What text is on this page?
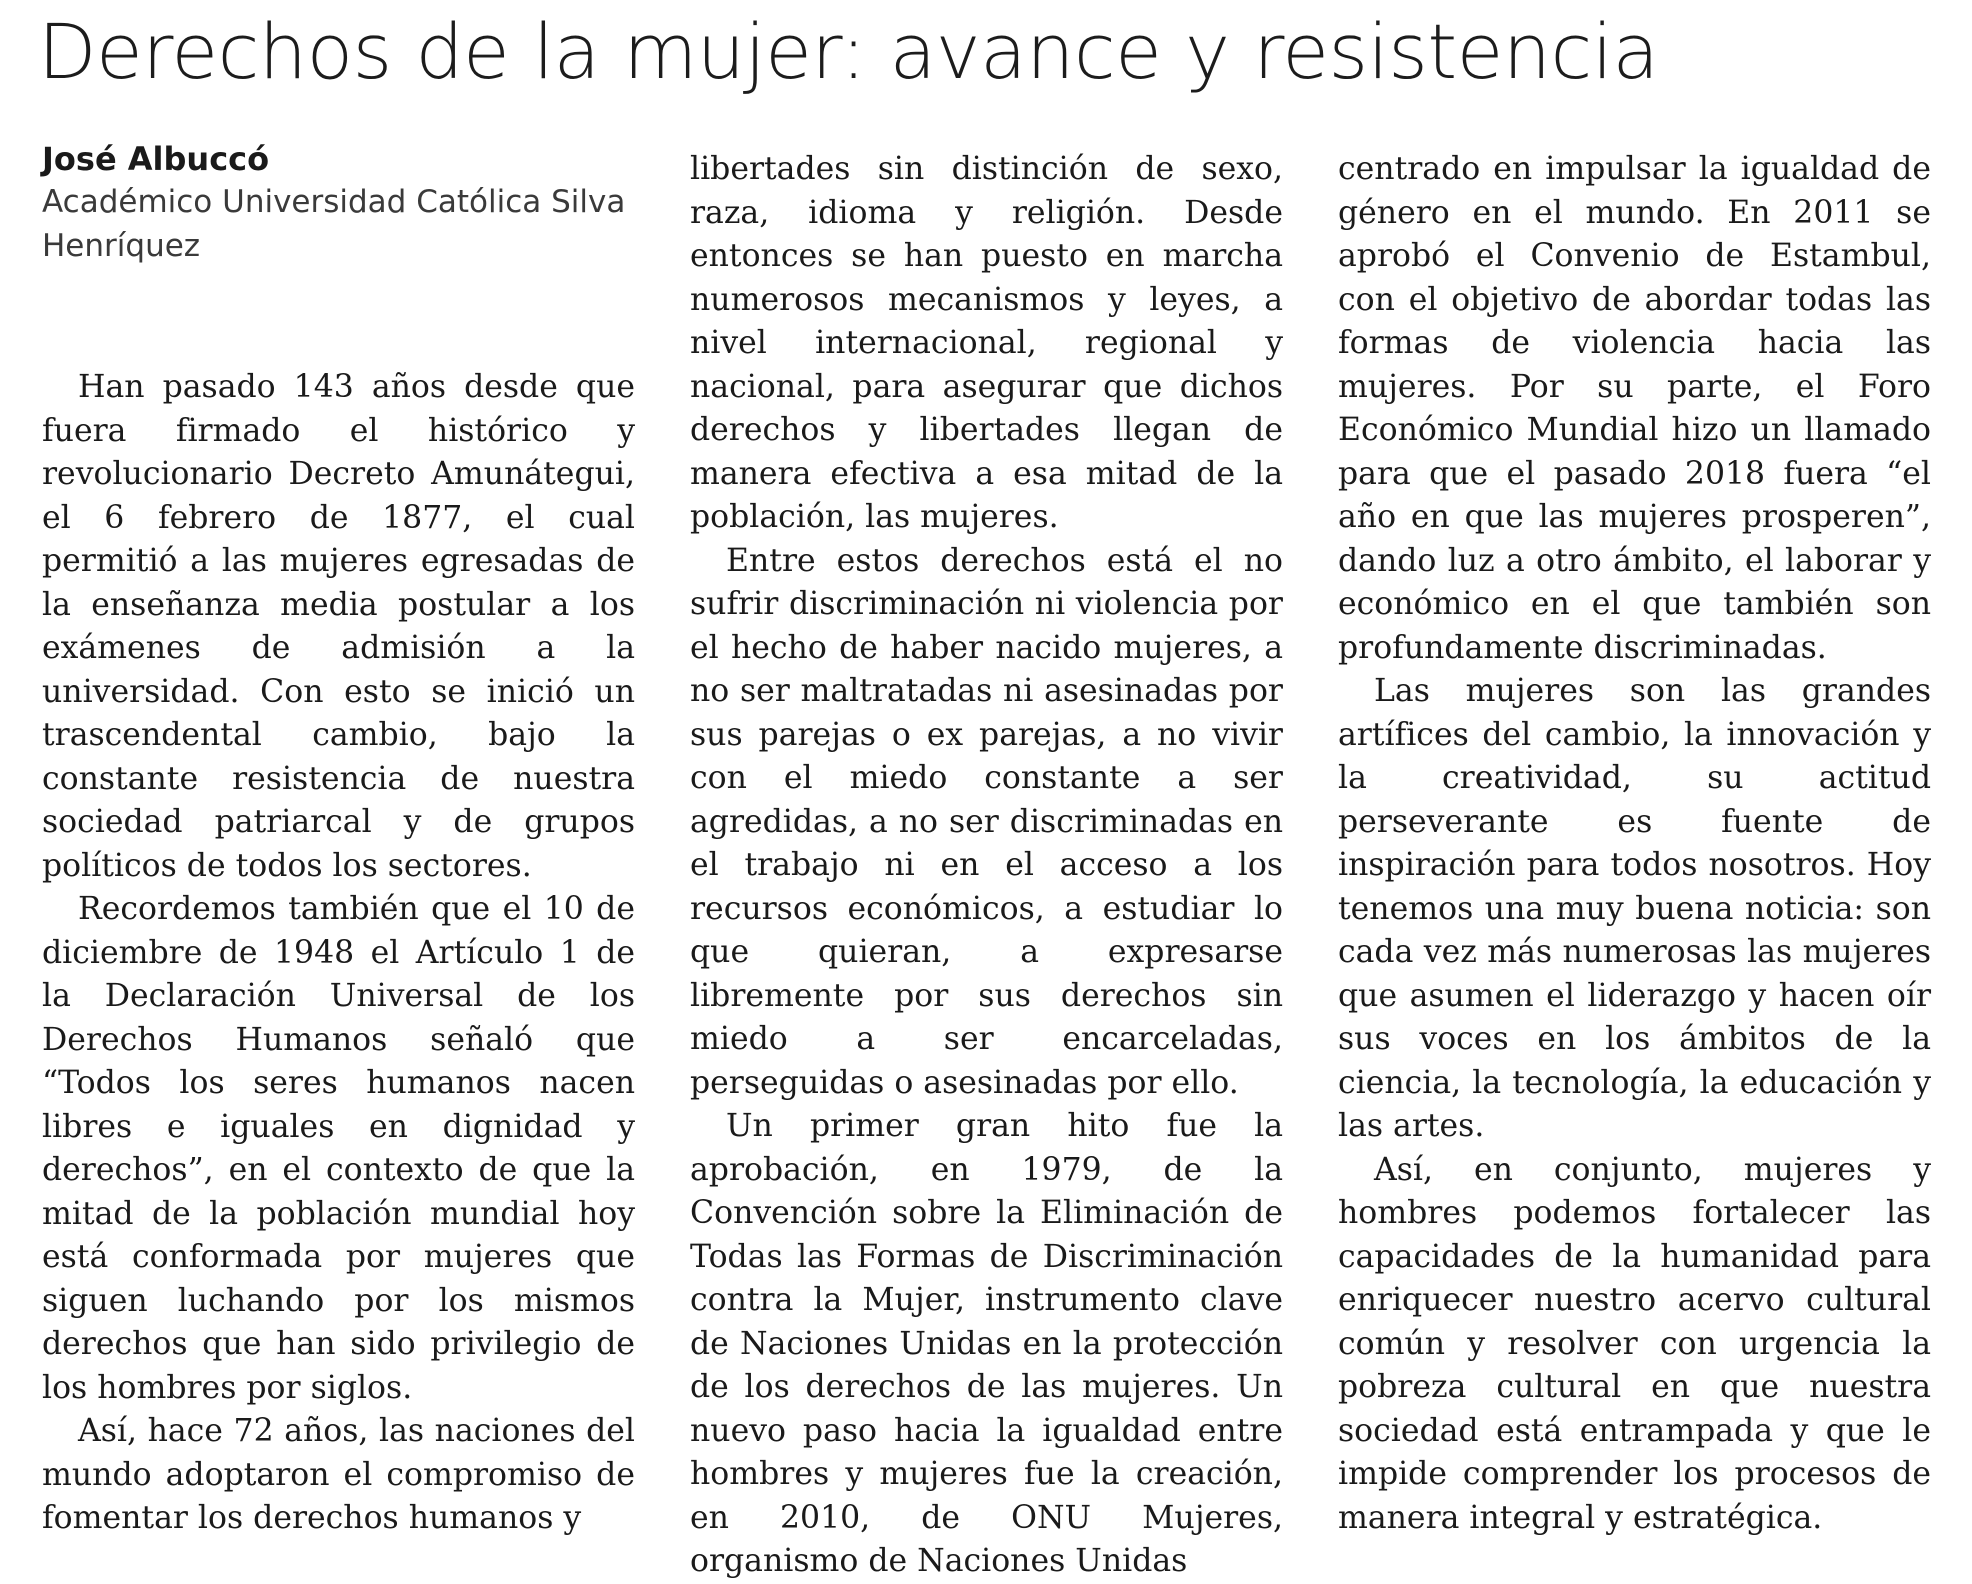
Derechos de la mujer: avance y resistencia
José Albuccó
Académico Universidad Católica Silva Henríquez

Han pasado 143 años desde que fuera firmado el histórico y revolucionario Decreto Amunátegui, el 6 febrero de 1877, el cual permitió a las mujeres egresadas de la enseñanza media postular a los exámenes de admisión a la universidad. Con esto se inició un trascendental cambio, bajo la constante resistencia de nuestra sociedad patriarcal y de grupos políticos de todos los sectores.

Recordemos también que el 10 de diciembre de 1948 el Artículo 1 de la Declaración Universal de los Derechos Humanos señaló que “Todos los seres humanos nacen libres e iguales en dignidad y derechos”, en el contexto de que la mitad de la población mundial hoy está conformada por mujeres que siguen luchando por los mismos derechos que han sido privilegio de los hombres por siglos.

Así, hace 72 años, las naciones del mundo adoptaron el compromiso de fomentar los derechos humanos y

libertades sin distinción de sexo, raza, idioma y religión. Desde entonces se han puesto en marcha numerosos mecanismos y leyes, a nivel internacional, regional y nacional, para asegurar que dichos derechos y libertades llegan de manera efectiva a esa mitad de la población, las mujeres.

Entre estos derechos está el no sufrir discriminación ni violencia por el hecho de haber nacido mujeres, a no ser maltratadas ni asesinadas por sus parejas o ex parejas, a no vivir con el miedo constante a ser agredidas, a no ser discriminadas en el trabajo ni en el acceso a los recursos económicos, a estudiar lo que quieran, a expresarse libremente por sus derechos sin miedo a ser encarceladas, perseguidas o asesinadas por ello.

Un primer gran hito fue la aprobación, en 1979, de la Convención sobre la Eliminación de Todas las Formas de Discriminación contra la Mujer, instrumento clave de Naciones Unidas en la protección de los derechos de las mujeres. Un nuevo paso hacia la igualdad entre hombres y mujeres fue la creación, en 2010, de ONU Mujeres, organismo de Naciones Unidas

centrado en impulsar la igualdad de género en el mundo. En 2011 se aprobó el Convenio de Estambul, con el objetivo de abordar todas las formas de violencia hacia las mujeres. Por su parte, el Foro Económico Mundial hizo un llamado para que el pasado 2018 fuera “el año en que las mujeres prosperen”, dando luz a otro ámbito, el laborar y económico en el que también son profundamente discriminadas.

Las mujeres son las grandes artífices del cambio, la innovación y la creatividad, su actitud perseverante es fuente de inspiración para todos nosotros. Hoy tenemos una muy buena noticia: son cada vez más numerosas las mujeres que asumen el liderazgo y hacen oír sus voces en los ámbitos de la ciencia, la tecnología, la educación y las artes.

Así, en conjunto, mujeres y hombres podemos fortalecer las capacidades de la humanidad para enriquecer nuestro acervo cultural común y resolver con urgencia la pobreza cultural en que nuestra sociedad está entrampada y que le impide comprender los procesos de manera integral y estratégica.
